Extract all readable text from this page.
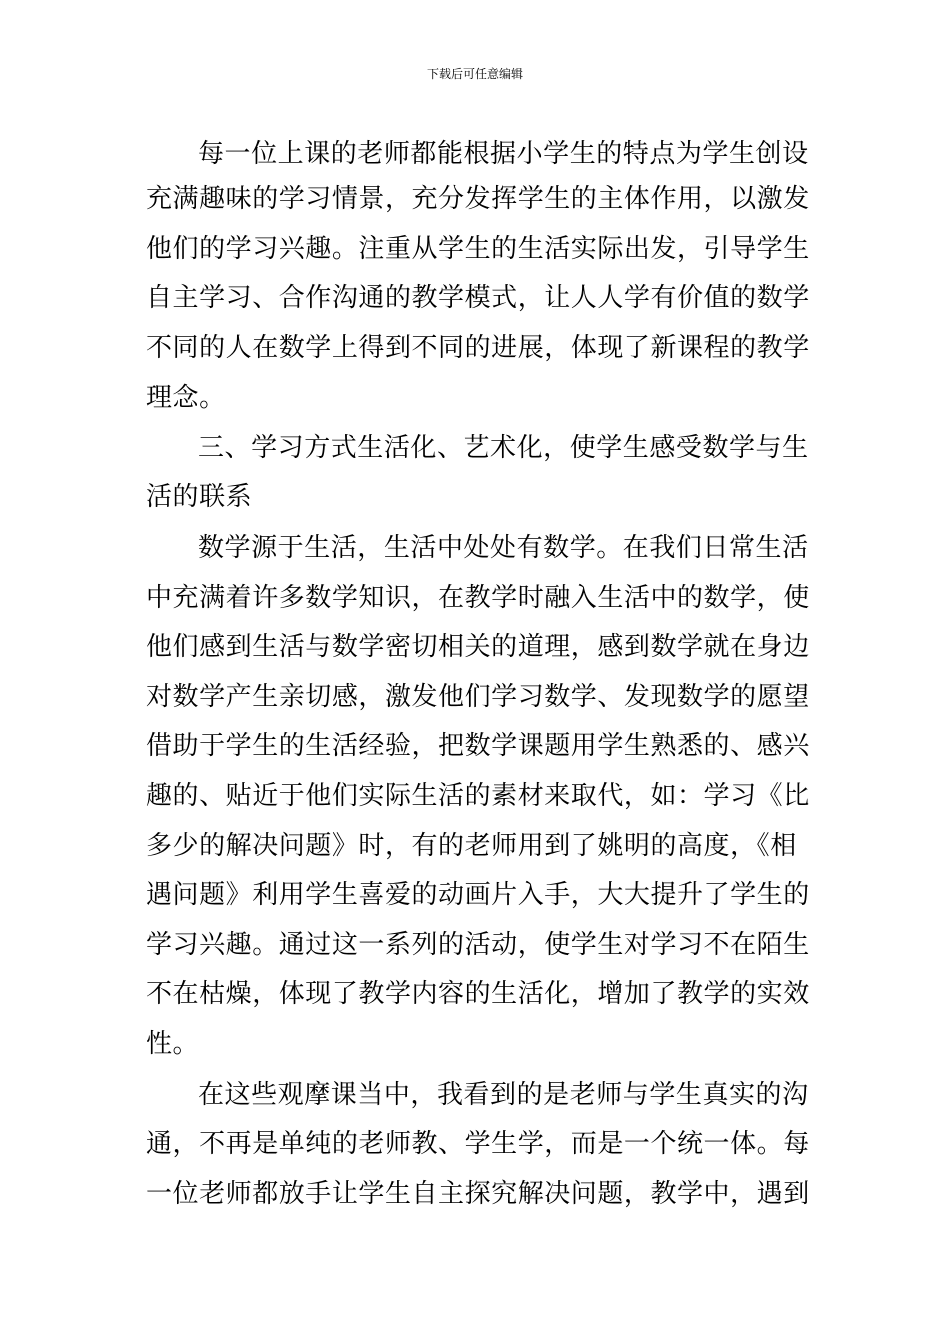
下载后可任意编辑
每一位上课的老师都能根据小学生的特点为学生创设
充满趣味的学习情景，充分发挥学生的主体作用，以激发
他们的学习兴趣。注重从学生的生活实际出发，引导学生
自主学习、合作沟通的教学模式，让人人学有价值的数学
不同的人在数学上得到不同的进展，体现了新课程的教学
理念。
三、学习方式生活化、艺术化，使学生感受数学与生
活的联系
数学源于生活，生活中处处有数学。在我们日常生活
中充满着许多数学知识，在教学时融入生活中的数学，使
他们感到生活与数学密切相关的道理，感到数学就在身边
对数学产生亲切感，激发他们学习数学、发现数学的愿望
借助于学生的生活经验，把数学课题用学生熟悉的、感兴
趣的、贴近于他们实际生活的素材来取代，如：学习《比
多少的解决问题》时，有的老师用到了姚明的高度，《相
遇问题》利用学生喜爱的动画片入手，大大提升了学生的
学习兴趣。通过这一系列的活动，使学生对学习不在陌生
不在枯燥，体现了教学内容的生活化，增加了教学的实效
性。
在这些观摩课当中，我看到的是老师与学生真实的沟
通，不再是单纯的老师教、学生学，而是一个统一体。每
一位老师都放手让学生自主探究解决问题，教学中，遇到
